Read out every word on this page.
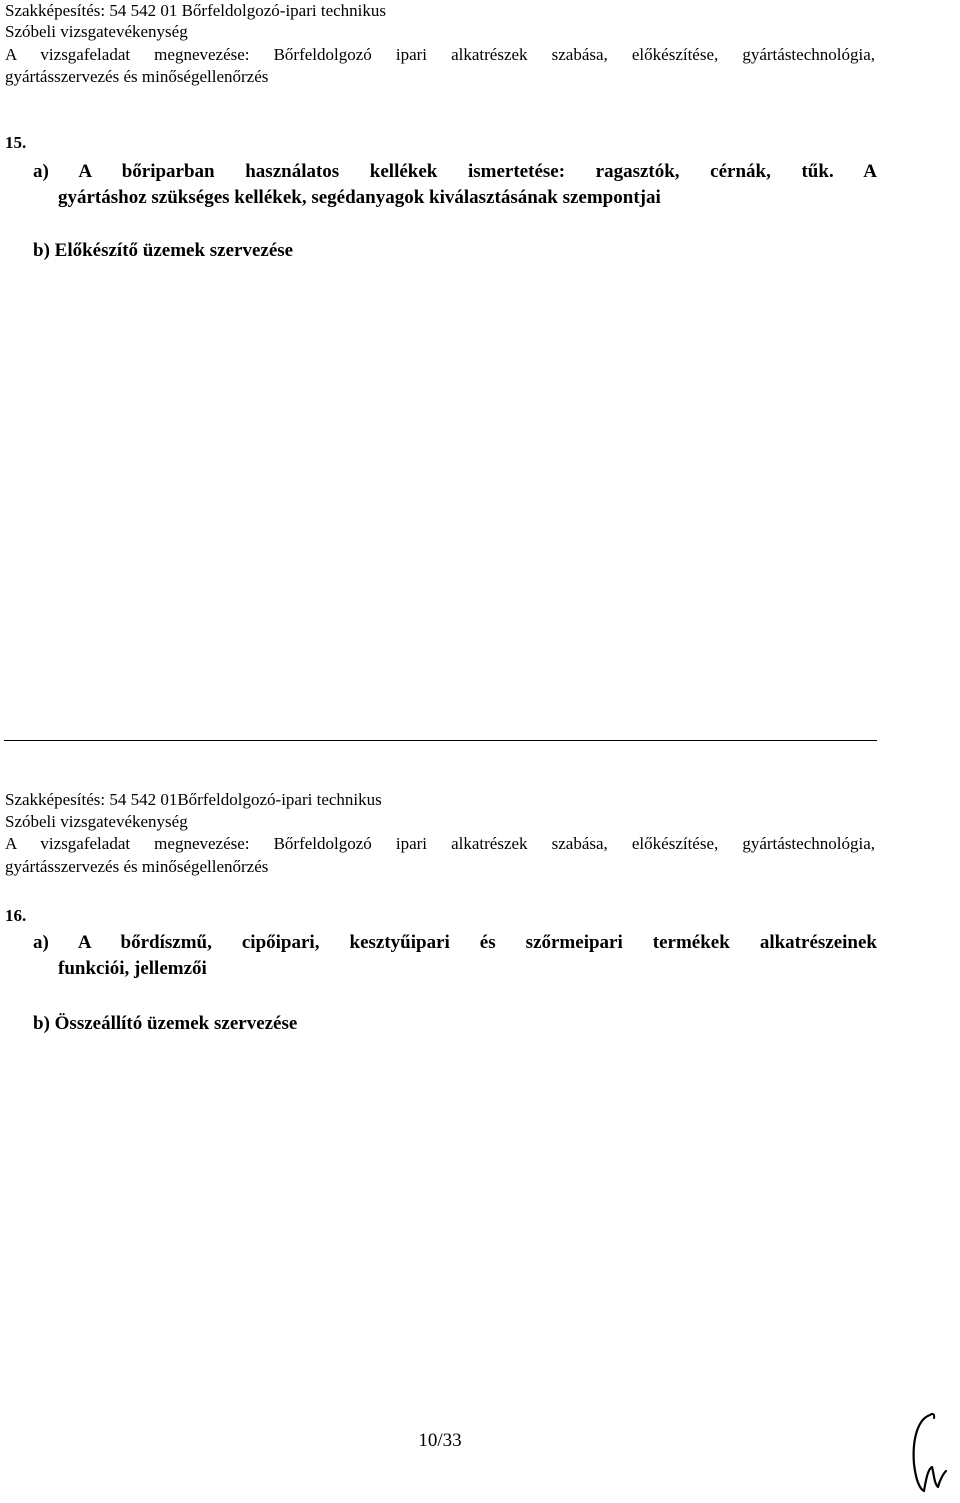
Szakképesítés: 54 542 01 Bőrfeldolgozó-ipari technikus
Szóbeli vizsgatevékenység
A vizsgafeladat megnevezése: Bőrfeldolgozó ipari alkatrészek szabása, előkészítése, gyártástechnológia,
gyártásszervezés és minőségellenőrzés
15.
a) A bőriparban használatos kellékek ismertetése: ragasztók, cérnák, tűk. A
gyártáshoz szükséges kellékek, segédanyagok kiválasztásának szempontjai
b) Előkészítő üzemek szervezése
Szakképesítés: 54 542 01Bőrfeldolgozó-ipari technikus
Szóbeli vizsgatevékenység
A vizsgafeladat megnevezése: Bőrfeldolgozó ipari alkatrészek szabása, előkészítése, gyártástechnológia,
gyártásszervezés és minőségellenőrzés
16.
a) A bőrdíszmű, cipőipari, kesztyűipari és szőrmeipari termékek alkatrészeinek
funkciói, jellemzői
b) Összeállító üzemek szervezése
10/33
